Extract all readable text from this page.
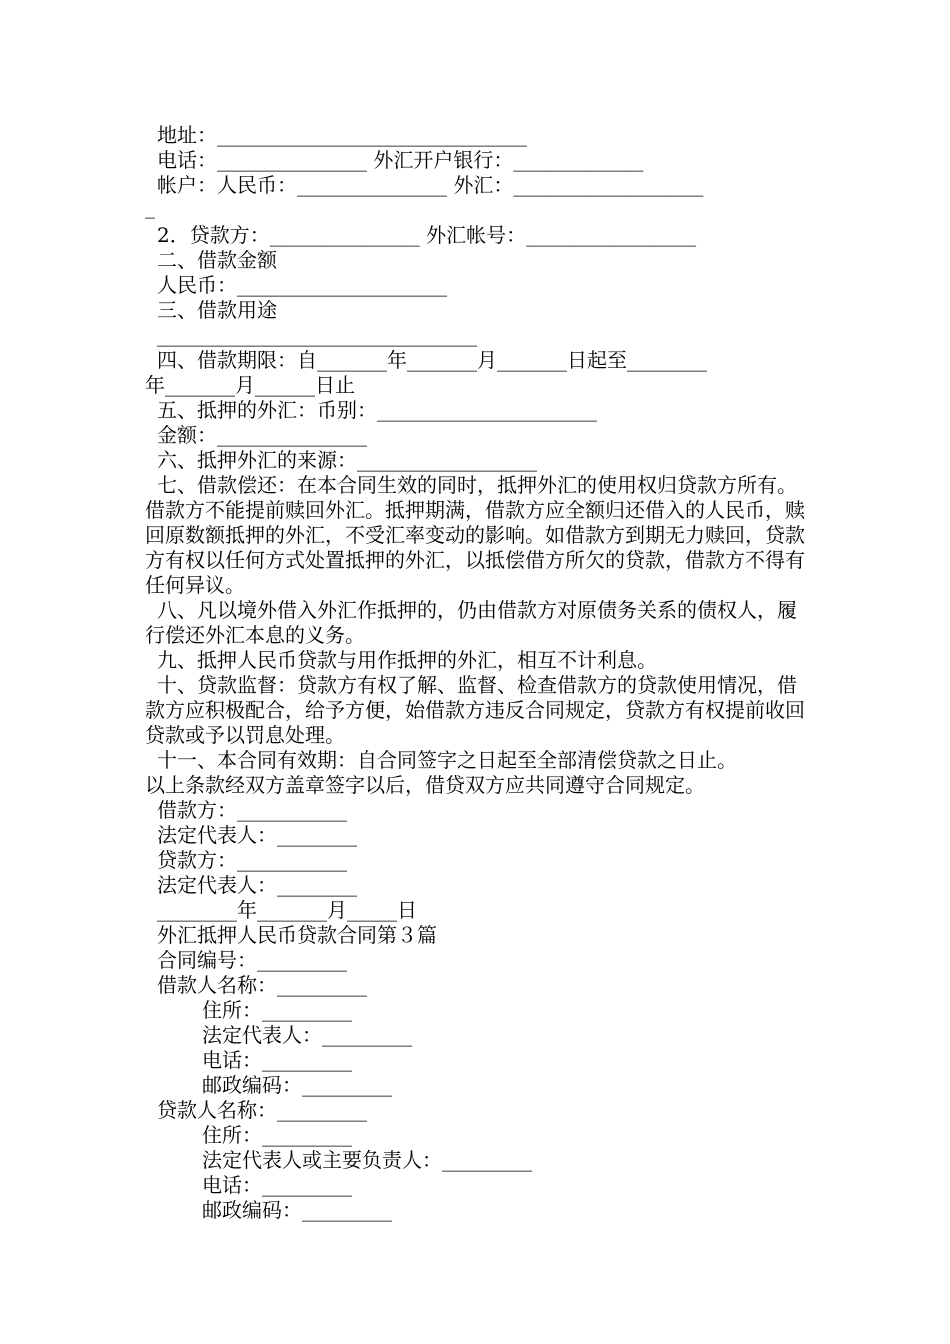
地址：_______________________________
电话：_______________ 外汇开户银行：_____________
帐户：人民币：_______________ 外汇：___________________
_
2．贷款方：_______________ 外汇帐号：_________________
二、借款金额
人民币：_____________________
三、借款用途
________________________________
四、借款期限：自_______年_______月_______日起至________
年_______月______日止
五、抵押的外汇：币别：______________________
金额：_______________
六、抵押外汇的来源：__________________
七、借款偿还：在本合同生效的同时，抵押外汇的使用权归贷款方所有。借款方不能提前赎回外汇。抵押期满，借款方应全额归还借入的人民币，赎回原数额抵押的外汇，不受汇率变动的影响。如借款方到期无力赎回，贷款方有权以任何方式处置抵押的外汇，以抵偿借方所欠的贷款，借款方不得有任何异议。
八、凡以境外借入外汇作抵押的，仍由借款方对原债务关系的债权人，履行偿还外汇本息的义务。
九、抵押人民币贷款与用作抵押的外汇，相互不计利息。
十、贷款监督：贷款方有权了解、监督、检查借款方的贷款使用情况，借款方应积极配合，给予方便，始借款方违反合同规定，贷款方有权提前收回贷款或予以罚息处理。
十一、本合同有效期：自合同签字之日起至全部清偿贷款之日止。
以上条款经双方盖章签字以后，借贷双方应共同遵守合同规定。
借款方：___________
法定代表人：________
贷款方：___________
法定代表人：________
________年_______月_____日
外汇抵押人民币贷款合同第３篇
合同编号：_________
借款人名称：_________
住所：_________
法定代表人：_________
电话：_________
邮政编码：_________
贷款人名称：_________
住所：_________
法定代表人或主要负责人：_________
电话：_________
邮政编码：_________
